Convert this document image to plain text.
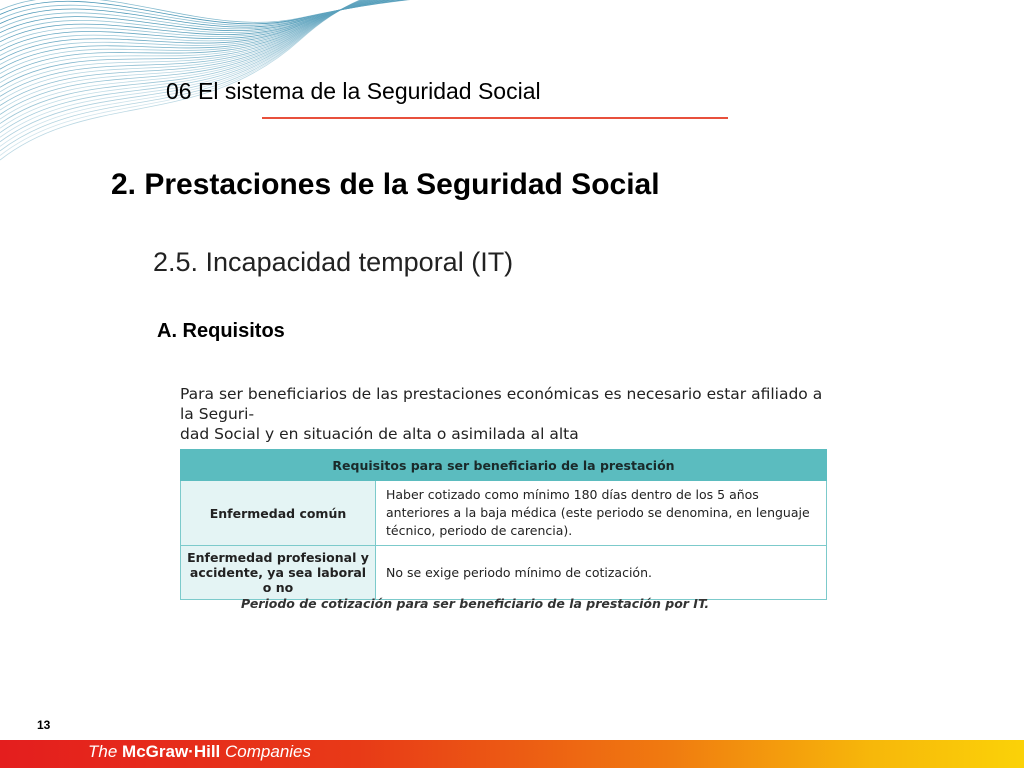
06 El sistema de la Seguridad Social
2. Prestaciones de la Seguridad Social
2.5. Incapacidad temporal (IT)
A. Requisitos
Para ser beneficiarios de las prestaciones económicas es necesario estar afiliado a la Seguri-
dad Social y en situación de alta o asimilada al alta
Requisitos para ser beneficiario de la prestación	
Enfermedad común	Haber cotizado como mínimo 180 días dentro de los 5 años anteriores a la baja médica (este periodo se denomina, en lenguaje técnico, periodo de carencia).
Enfermedad profesional y accidente, ya sea laboral o no	No se exige periodo mínimo de cotización.
Periodo de cotización para ser beneficiario de la prestación por IT.
13
The McGraw·Hill Companies
